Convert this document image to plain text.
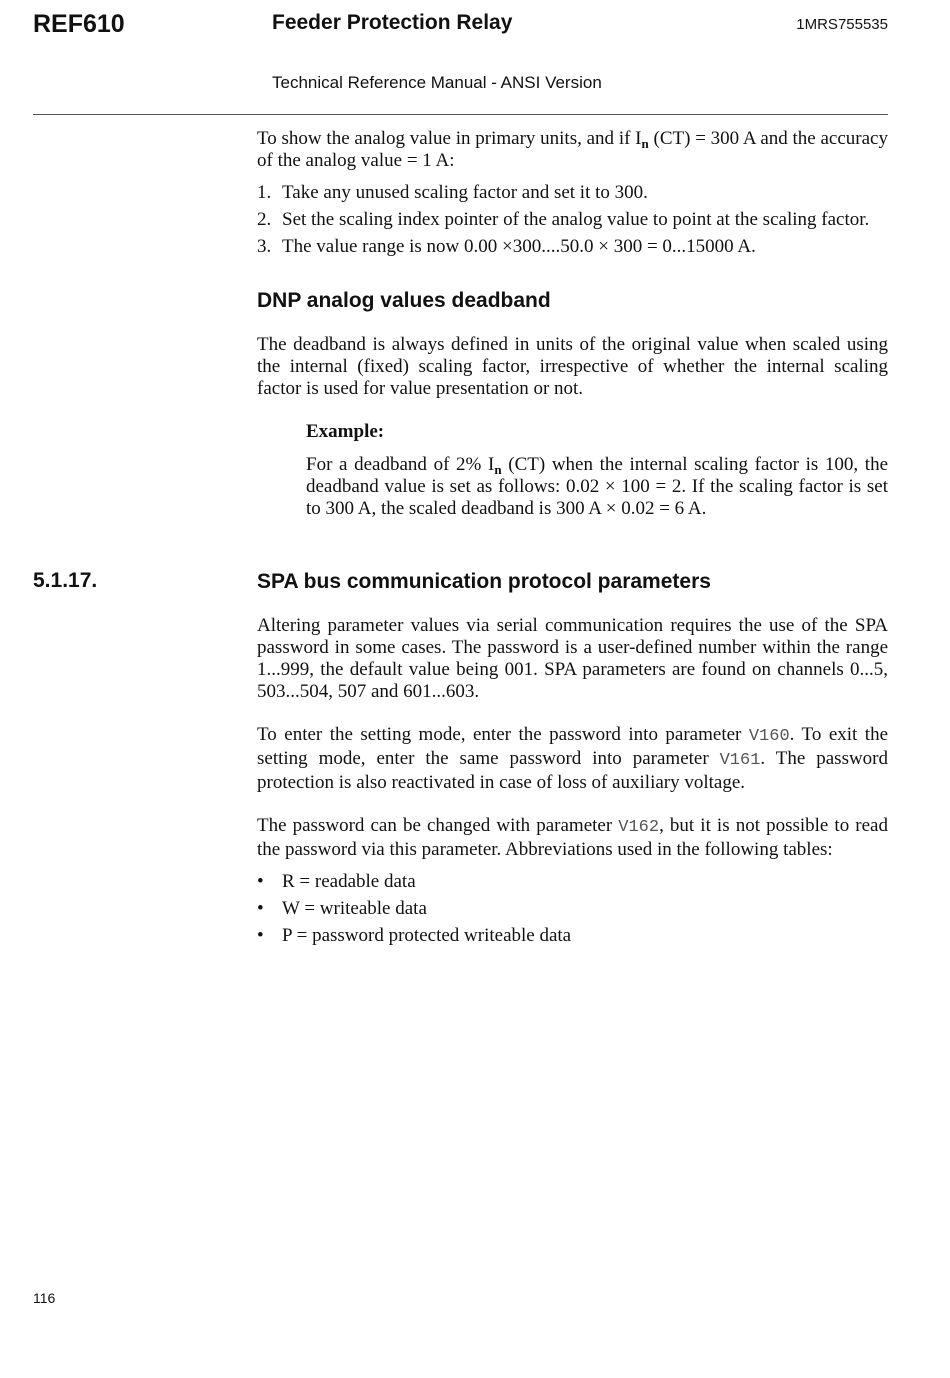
REF610	Feeder Protection Relay	1MRS755535
Technical Reference Manual - ANSI Version

To show the analog value in primary units, and if $I_n$ (CT) = 300 A and the accuracy of the analog value = 1 A:

1. Take any unused scaling factor and set it to 300.
2. Set the scaling index pointer of the analog value to point at the scaling factor.
3. The value range is now 0.00 ×300....50.0 × 300 = 0...15000 A.
DNP analog values deadband

The deadband is always defined in units of the original value when scaled using the internal (fixed) scaling factor, irrespective of whether the internal scaling factor is used for value presentation or not.

Example:

For a deadband of 2% $I_n$ (CT) when the internal scaling factor is 100, the deadband value is set as follows: 0.02 × 100 = 2. If the scaling factor is set to 300 A, the scaled deadband is 300 A × 0.02 = 6 A.

5.1.17.	SPA bus communication protocol parameters

Altering parameter values via serial communication requires the use of the SPA password in some cases. The password is a user-defined number within the range 1...999, the default value being 001. SPA parameters are found on channels 0...5, 503...504, 507 and 601...603.

To enter the setting mode, enter the password into parameter V160. To exit the setting mode, enter the same password into parameter V161. The password protection is also reactivated in case of loss of auxiliary voltage.

The password can be changed with parameter V162, but it is not possible to read the password via this parameter. Abbreviations used in the following tables:

• R = readable data
• W = writeable data
• P = password protected writeable data
116
